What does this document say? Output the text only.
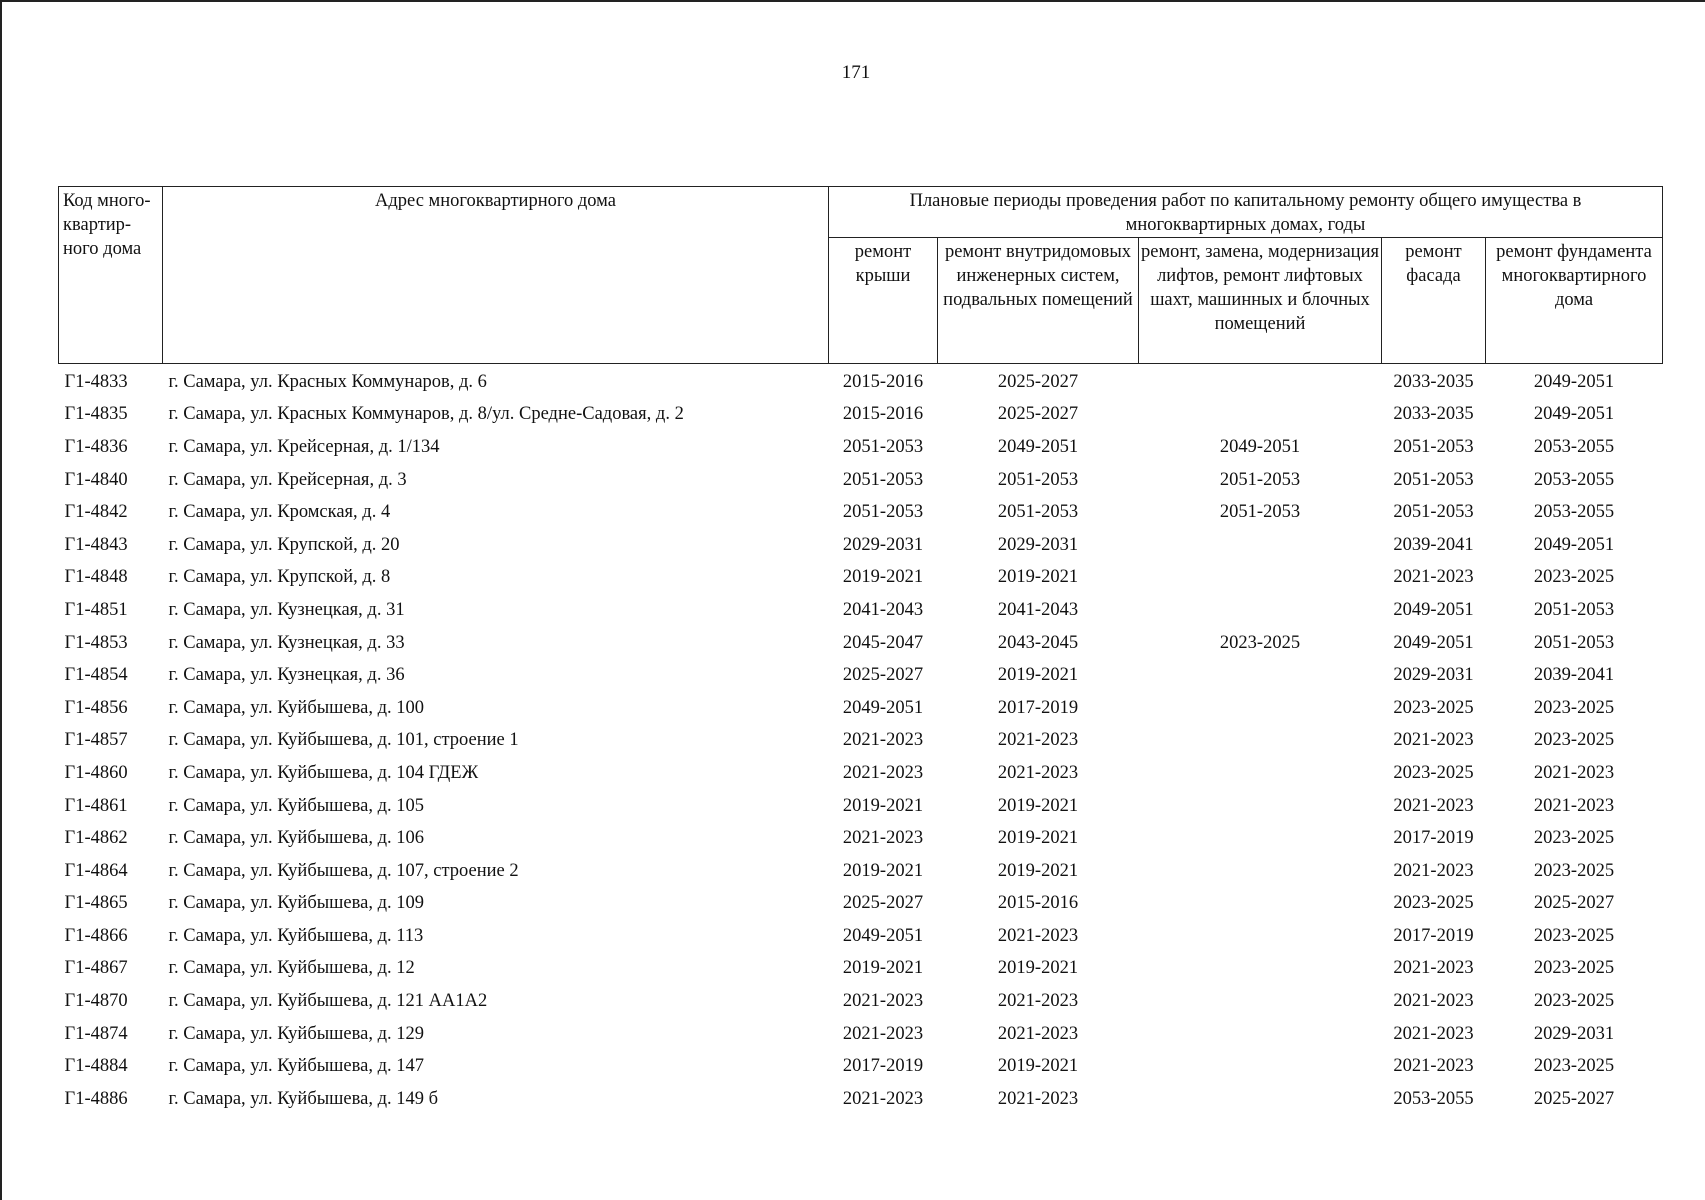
171
Код много-квартир-ного дома	Адрес многоквартирного дома	Плановые периоды проведения работ по капитальному ремонту общего имущества в многоквартирных домах, годы				
		ремонт крыши	ремонт внутридомовых инженерных систем, подвальных помещений	ремонт, замена, модернизация лифтов, ремонт лифтовых шахт, машинных и блочных помещений	ремонт фасада	ремонт фундамента многоквартирного дома
Г1-4833	г. Самара, ул. Красных Коммунаров, д. 6	2015-2016	2025-2027		2033-2035	2049-2051
Г1-4835	г. Самара, ул. Красных Коммунаров, д. 8/ул. Средне-Садовая, д. 2	2015-2016	2025-2027		2033-2035	2049-2051
Г1-4836	г. Самара, ул. Крейсерная, д. 1/134	2051-2053	2049-2051	2049-2051	2051-2053	2053-2055
Г1-4840	г. Самара, ул. Крейсерная, д. 3	2051-2053	2051-2053	2051-2053	2051-2053	2053-2055
Г1-4842	г. Самара, ул. Кромская, д. 4	2051-2053	2051-2053	2051-2053	2051-2053	2053-2055
Г1-4843	г. Самара, ул. Крупской, д. 20	2029-2031	2029-2031		2039-2041	2049-2051
Г1-4848	г. Самара, ул. Крупской, д. 8	2019-2021	2019-2021		2021-2023	2023-2025
Г1-4851	г. Самара, ул. Кузнецкая, д. 31	2041-2043	2041-2043		2049-2051	2051-2053
Г1-4853	г. Самара, ул. Кузнецкая, д. 33	2045-2047	2043-2045	2023-2025	2049-2051	2051-2053
Г1-4854	г. Самара, ул. Кузнецкая, д. 36	2025-2027	2019-2021		2029-2031	2039-2041
Г1-4856	г. Самара, ул. Куйбышева, д. 100	2049-2051	2017-2019		2023-2025	2023-2025
Г1-4857	г. Самара, ул. Куйбышева, д. 101, строение 1	2021-2023	2021-2023		2021-2023	2023-2025
Г1-4860	г. Самара, ул. Куйбышева, д. 104 ГДЕЖ	2021-2023	2021-2023		2023-2025	2021-2023
Г1-4861	г. Самара, ул. Куйбышева, д. 105	2019-2021	2019-2021		2021-2023	2021-2023
Г1-4862	г. Самара, ул. Куйбышева, д. 106	2021-2023	2019-2021		2017-2019	2023-2025
Г1-4864	г. Самара, ул. Куйбышева, д. 107, строение 2	2019-2021	2019-2021		2021-2023	2023-2025
Г1-4865	г. Самара, ул. Куйбышева, д. 109	2025-2027	2015-2016		2023-2025	2025-2027
Г1-4866	г. Самара, ул. Куйбышева, д. 113	2049-2051	2021-2023		2017-2019	2023-2025
Г1-4867	г. Самара, ул. Куйбышева, д. 12	2019-2021	2019-2021		2021-2023	2023-2025
Г1-4870	г. Самара, ул. Куйбышева, д. 121 АА1А2	2021-2023	2021-2023		2021-2023	2023-2025
Г1-4874	г. Самара, ул. Куйбышева, д. 129	2021-2023	2021-2023		2021-2023	2029-2031
Г1-4884	г. Самара, ул. Куйбышева, д. 147	2017-2019	2019-2021		2021-2023	2023-2025
Г1-4886	г. Самара, ул. Куйбышева, д. 149 б	2021-2023	2021-2023		2053-2055	2025-2027
